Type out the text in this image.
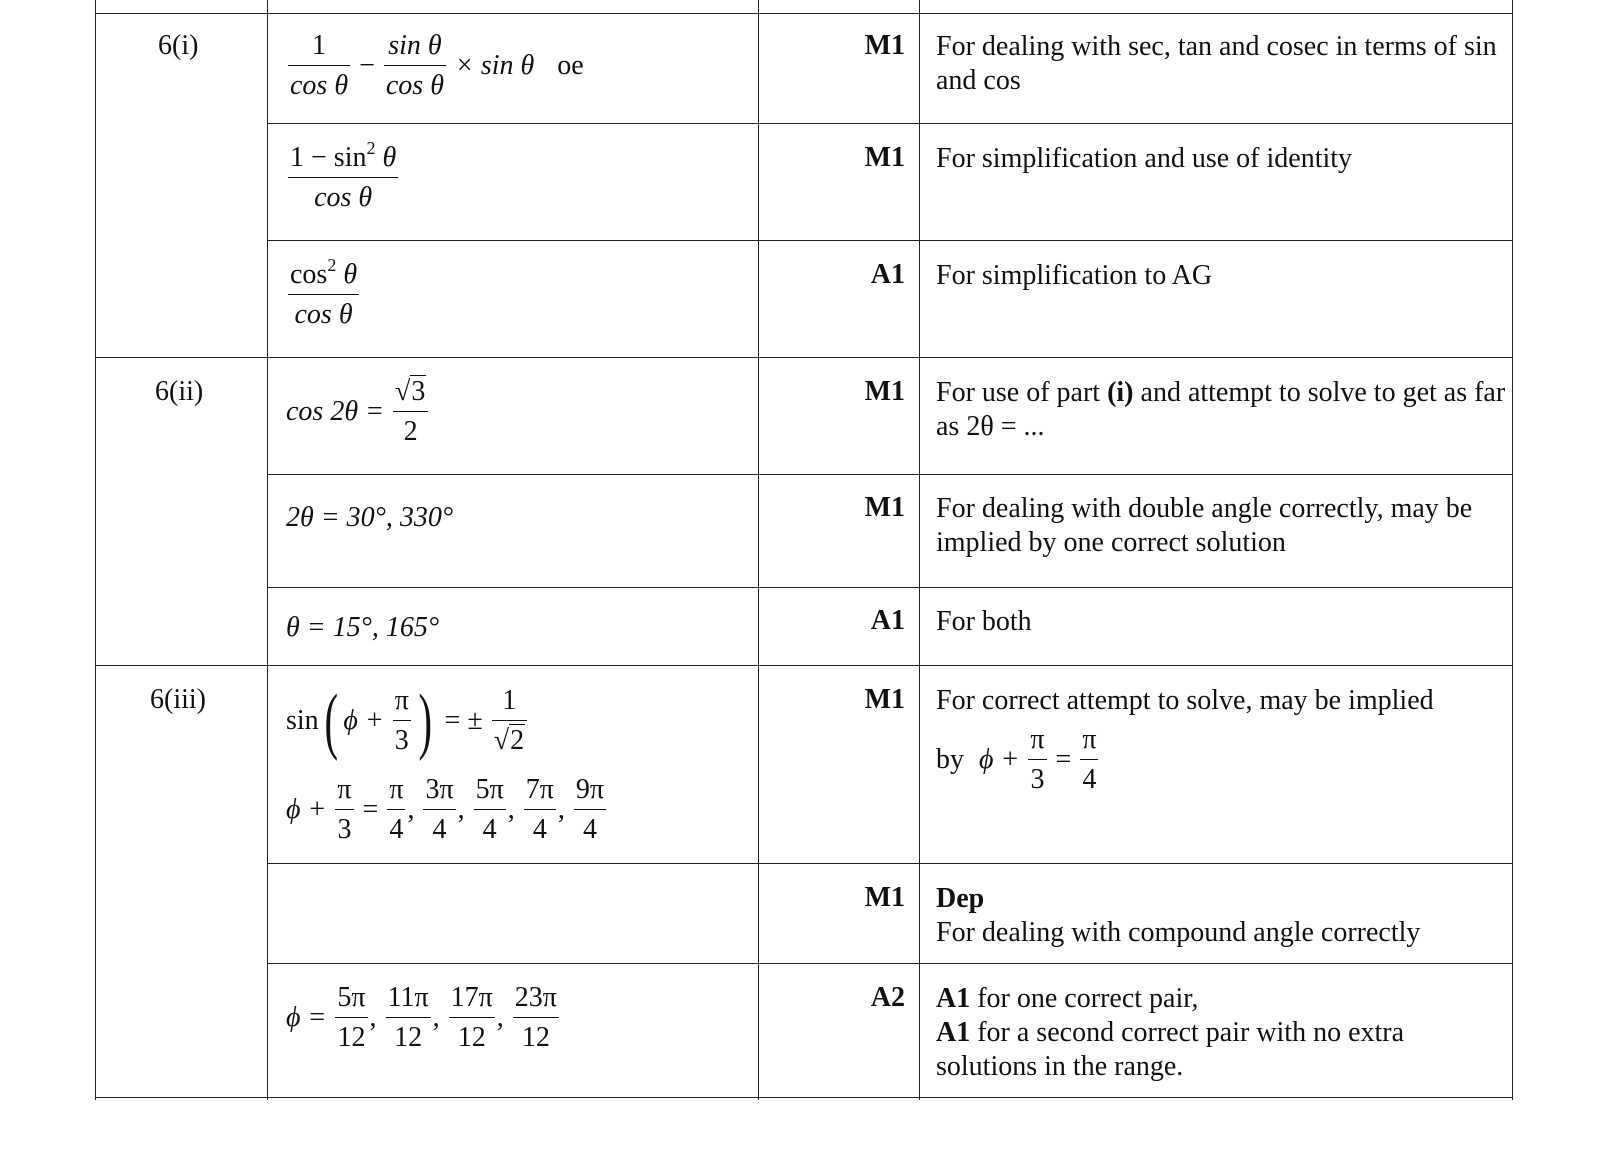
6(i)
6(ii)
6(iii)
M1
M1
A1
M1
M1
A1
M1
M1
A2
For dealing with sec, tan and cosec in terms of sin and cos
For simplification and use of identity
For simplification to AG
For use of part (i) and attempt to solve to get as far as 2θ = ...
For dealing with double angle correctly, may be implied by one correct solution
For both
For correct attempt to solve, may be implied
by $\phi + \frac{\pi}{3} = \frac{\pi}{4}$
Dep
For dealing with compound angle correctly
A1 for one correct pair,
A1 for a second correct pair with no extra solutions in the range.
$\frac{1}{\text{cos θ}} - \frac{\text{sin θ}}{\text{cos θ}} \times \sin \theta$ oe
$\frac{1 - \sin^2 \theta}{\text{cos θ}}$
$\frac{\cos^2 \theta}{\text{cos θ}}$
$\cos 2\theta = \frac{√3}{2}$
2θ = 30°, 330°
θ = 15°, 165°
sin( $\phi + \frac{\pi}{3}$ ) = ± $\frac{1}{√2}$
$\phi + \frac{\pi}{3} = \frac{\pi}{4}$ , $\frac{3\pi}{4}$ , $\frac{5\pi}{4}$ , $\frac{7\pi}{4}$ , $\frac{9\pi}{4}$
$\phi = \frac{5\pi}{12}$ , $\frac{11\pi}{12}$ , $\frac{17\pi}{12}$ , $\frac{23\pi}{12}$
